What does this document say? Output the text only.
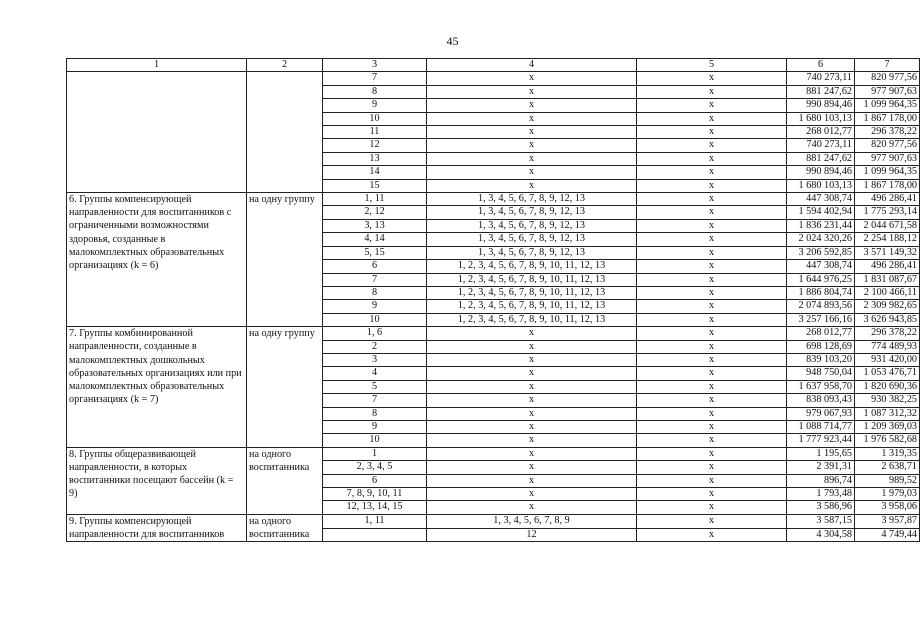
45
1	2	3	4	5	6	7
		7	х	х	740 273,11	820 977,56
		8	х	х	881 247,62	977 907,63
		9	х	х	990 894,46	1 099 964,35
		10	х	х	1 680 103,13	1 867 178,00
		11	х	х	268 012,77	296 378,22
		12	х	х	740 273,11	820 977,56
		13	х	х	881 247,62	977 907,63
		14	х	х	990 894,46	1 099 964,35
		15	х	х	1 680 103,13	1 867 178,00
6. Группы компенсирующей направленности для воспитанников с ограниченными возможностями здоровья, созданные в малокомплектных образовательных организациях (k = 6)	на одну группу	1, 11	1, 3, 4, 5, 6, 7, 8, 9, 12, 13	х	447 308,74	496 286,41
		2, 12	1, 3, 4, 5, 6, 7, 8, 9, 12, 13	х	1 594 402,94	1 775 293,14
		3, 13	1, 3, 4, 5, 6, 7, 8, 9, 12, 13	х	1 836 231,44	2 044 671,58
		4, 14	1, 3, 4, 5, 6, 7, 8, 9, 12, 13	х	2 024 320,26	2 254 188,12
		5, 15	1, 3, 4, 5, 6, 7, 8, 9, 12, 13	х	3 206 592,85	3 571 149,32
		6	1, 2, 3, 4, 5, 6, 7, 8, 9, 10, 11, 12, 13	х	447 308,74	496 286,41
		7	1, 2, 3, 4, 5, 6, 7, 8, 9, 10, 11, 12, 13	х	1 644 976,25	1 831 087,67
		8	1, 2, 3, 4, 5, 6, 7, 8, 9, 10, 11, 12, 13	х	1 886 804,74	2 100 466,11
		9	1, 2, 3, 4, 5, 6, 7, 8, 9, 10, 11, 12, 13	х	2 074 893,56	2 309 982,65
		10	1, 2, 3, 4, 5, 6, 7, 8, 9, 10, 11, 12, 13	х	3 257 166,16	3 626 943,85
7. Группы комбинированной направленности, созданные в малокомплектных дошкольных образовательных организациях или при малокомплектных образовательных организациях (k = 7)	на одну группу	1, 6	х	х	268 012,77	296 378,22
		2	х	х	698 128,69	774 489,93
		3	х	х	839 103,20	931 420,00
		4	х	х	948 750,04	1 053 476,71
		5	х	х	1 637 958,70	1 820 690,36
		7	х	х	838 093,43	930 382,25
		8	х	х	979 067,93	1 087 312,32
		9	х	х	1 088 714,77	1 209 369,03
		10	х	х	1 777 923,44	1 976 582,68
8. Группы общеразвивающей направленности, в которых воспитанники посещают бассейн (k = 9)	на одного воспитанника	1	х	х	1 195,65	1 319,35
		2, 3, 4, 5	х	х	2 391,31	2 638,71
		6	х	х	896,74	989,52
		7, 8, 9, 10, 11	х	х	1 793,48	1 979,03
		12, 13, 14, 15	х	х	3 586,96	3 958,06
9. Группы компенсирующей направленности для воспитанников	на одного воспитанника	1, 11	1, 3, 4, 5, 6, 7, 8, 9	х	3 587,15	3 957,87
			12	х	4 304,58	4 749,44
